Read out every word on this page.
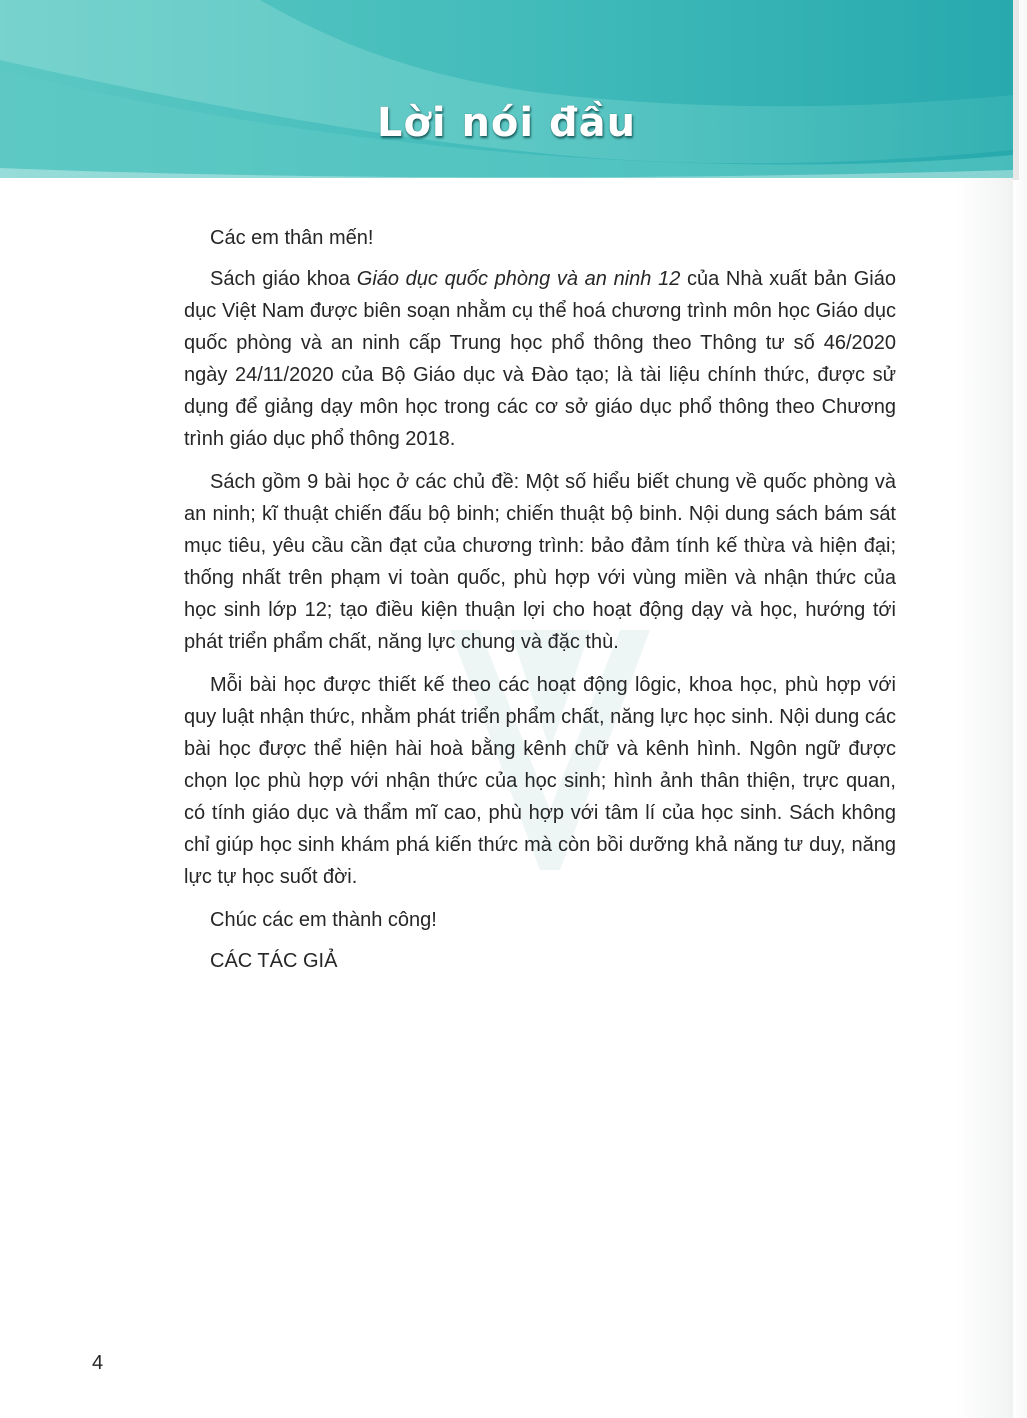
Lời nói đầu

Các em thân mến!

Sách giáo khoa Giáo dục quốc phòng và an ninh 12 của Nhà xuất bản Giáo dục Việt Nam được biên soạn nhằm cụ thể hoá chương trình môn học Giáo dục quốc phòng và an ninh cấp Trung học phổ thông theo Thông tư số 46/2020 ngày 24/11/2020 của Bộ Giáo dục và Đào tạo; là tài liệu chính thức, được sử dụng để giảng dạy môn học trong các cơ sở giáo dục phổ thông theo Chương trình giáo dục phổ thông 2018.

Sách gồm 9 bài học ở các chủ đề: Một số hiểu biết chung về quốc phòng và an ninh; kĩ thuật chiến đấu bộ binh; chiến thuật bộ binh. Nội dung sách bám sát mục tiêu, yêu cầu cần đạt của chương trình: bảo đảm tính kế thừa và hiện đại; thống nhất trên phạm vi toàn quốc, phù hợp với vùng miền và nhận thức của học sinh lớp 12; tạo điều kiện thuận lợi cho hoạt động dạy và học, hướng tới phát triển phẩm chất, năng lực chung và đặc thù.

Mỗi bài học được thiết kế theo các hoạt động lôgic, khoa học, phù hợp với quy luật nhận thức, nhằm phát triển phẩm chất, năng lực học sinh. Nội dung các bài học được thể hiện hài hoà bằng kênh chữ và kênh hình. Ngôn ngữ được chọn lọc phù hợp với nhận thức của học sinh; hình ảnh thân thiện, trực quan, có tính giáo dục và thẩm mĩ cao, phù hợp với tâm lí của học sinh. Sách không chỉ giúp học sinh khám phá kiến thức mà còn bồi dưỡng khả năng tư duy, năng lực tự học suốt đời.

Chúc các em thành công!

CÁC TÁC GIẢ

4
